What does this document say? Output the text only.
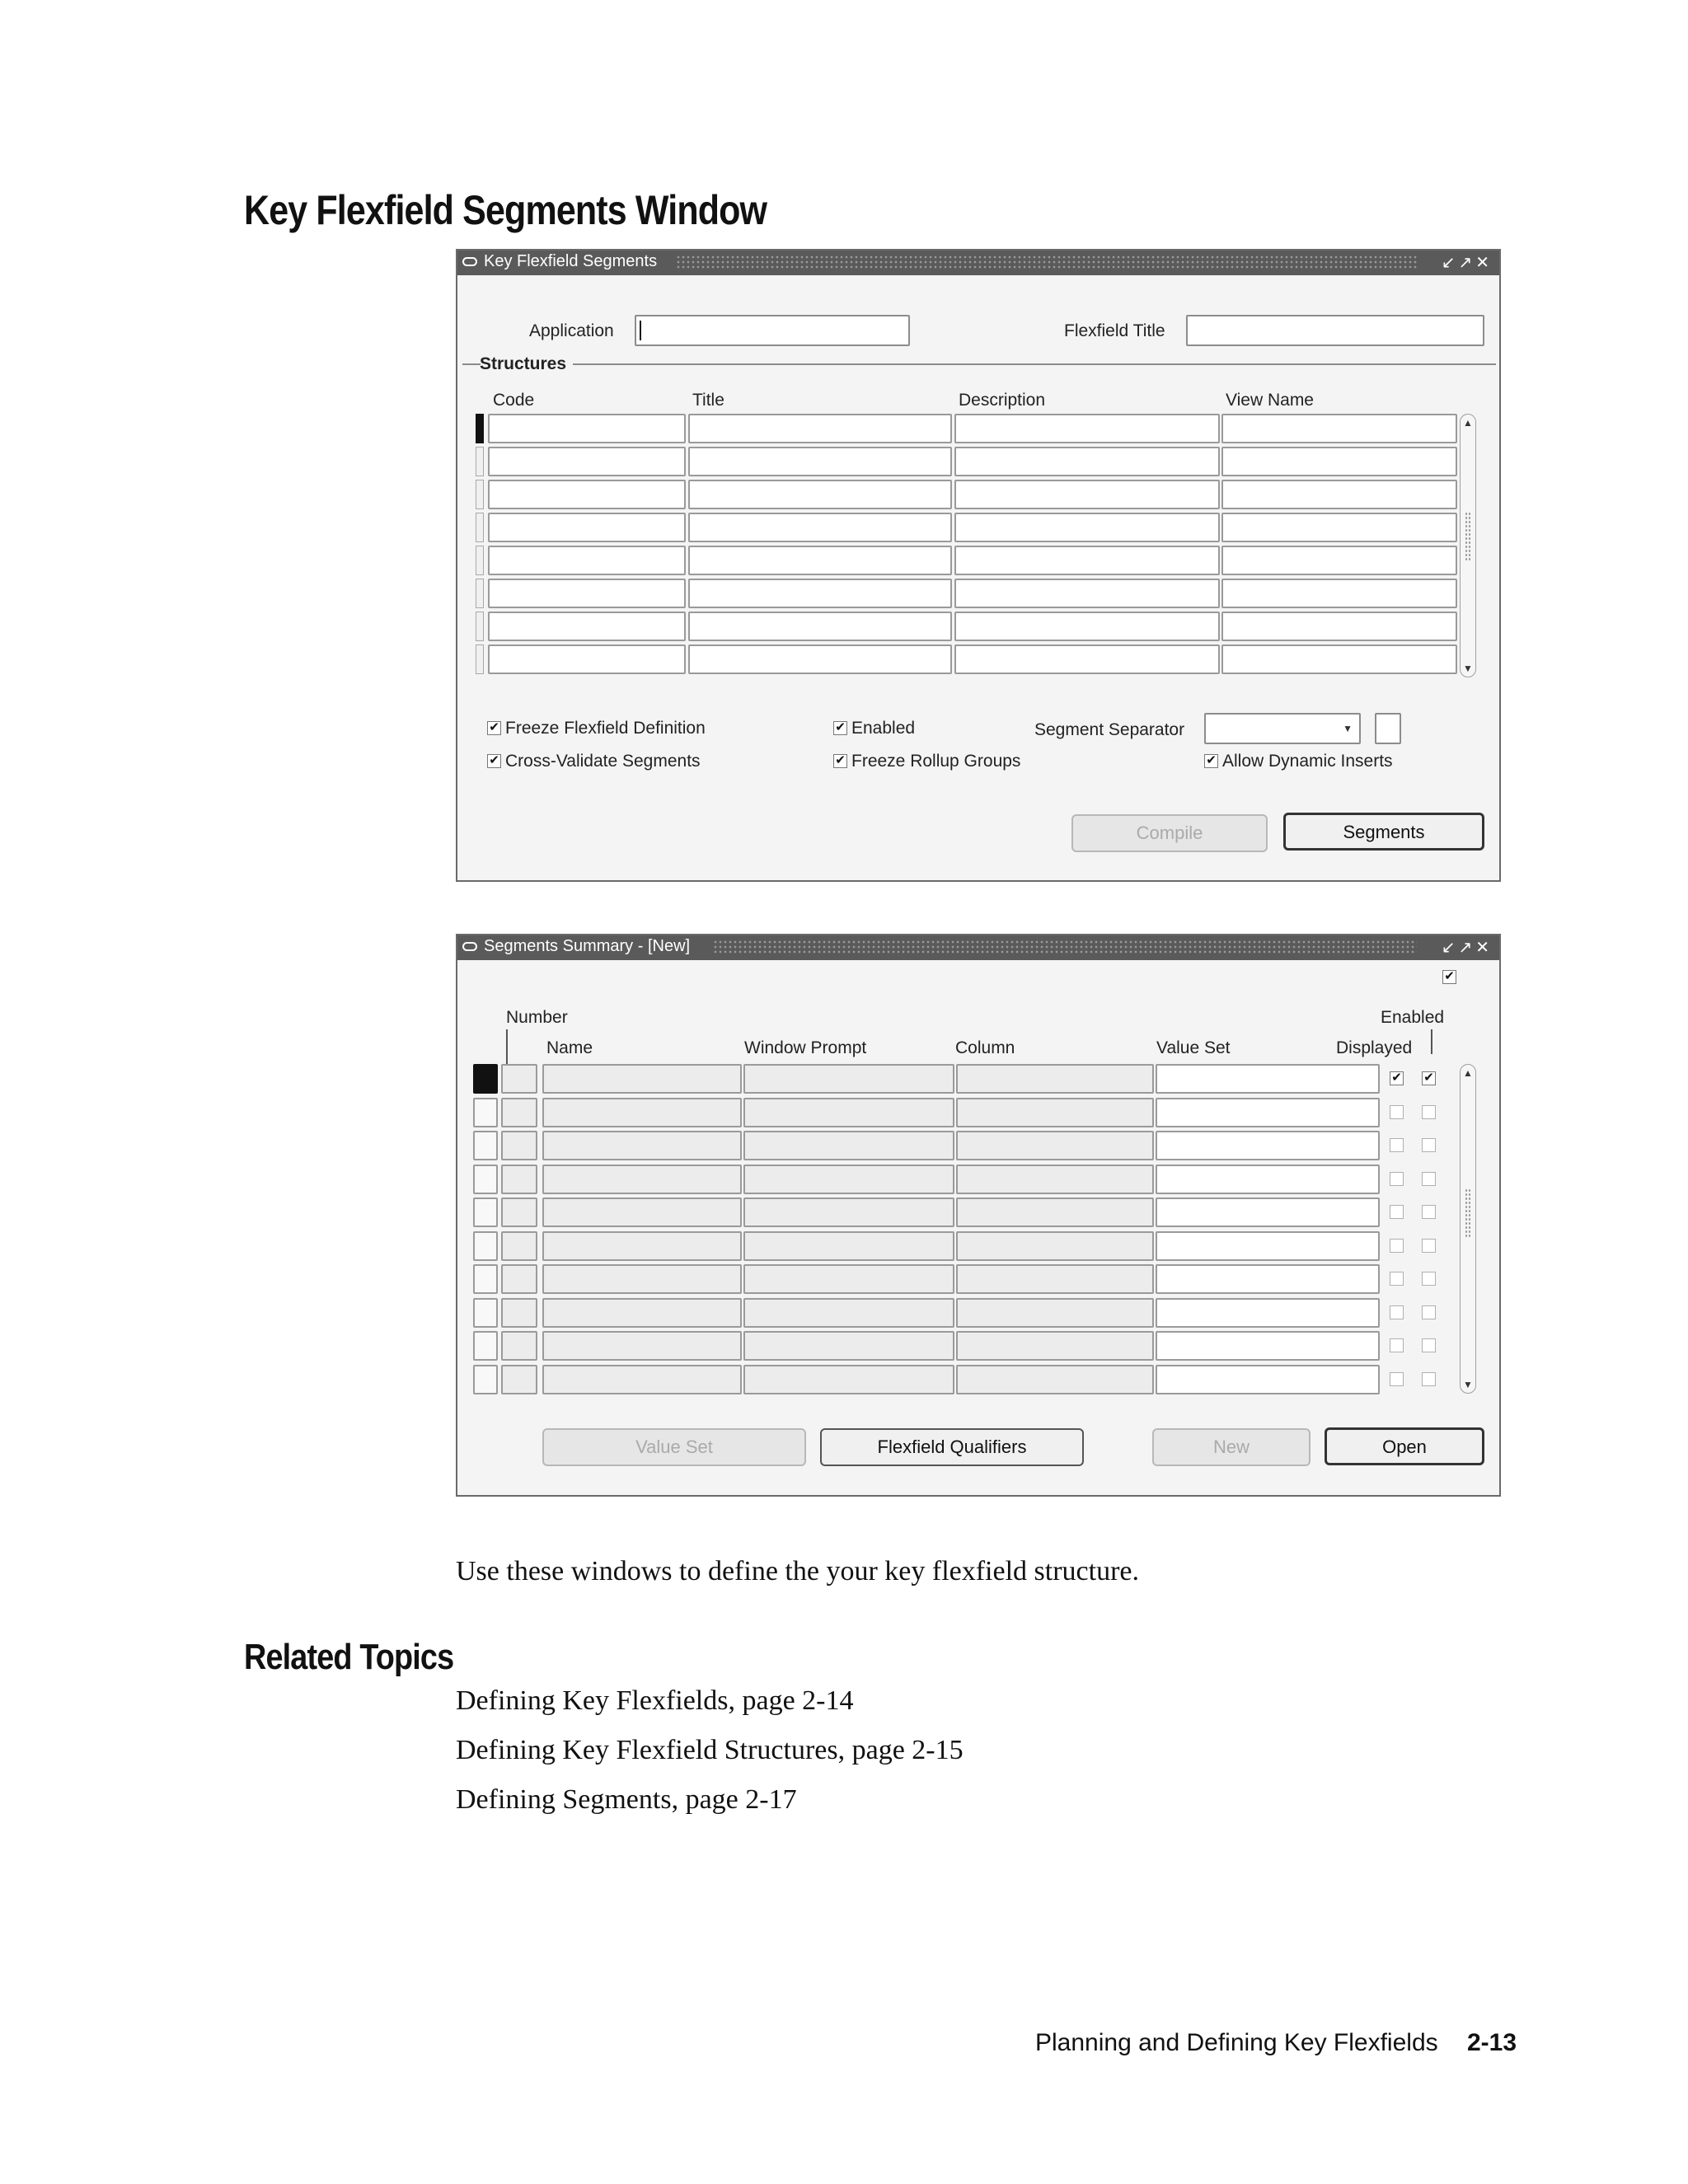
Key Flexfield Segments Window
Key Flexfield Segments	↙↗✕
Application	Flexfield Title
Structures
Code	Title	Description	View Name
▲
▼
✔ Freeze Flexfield Definition
✔ Cross-Validate Segments
✔ Enabled
✔ Freeze Rollup Groups
Segment Separator	▼
✔ Allow Dynamic Inserts
Compile	Segments
Segments Summary - [New]	↙↗✕
✔
Number	Enabled
Name	Window Prompt	Column	Value Set	Displayed
✔ ✔	▲
▼
Value Set	Flexfield Qualifiers	New	Open
Use these windows to define the your key flexfield structure.
Related Topics
Defining Key Flexfields, page 2-14
Defining Key Flexfield Structures, page 2-15
Defining Segments, page 2-17
Planning and Defining Key Flexfields 2-13
